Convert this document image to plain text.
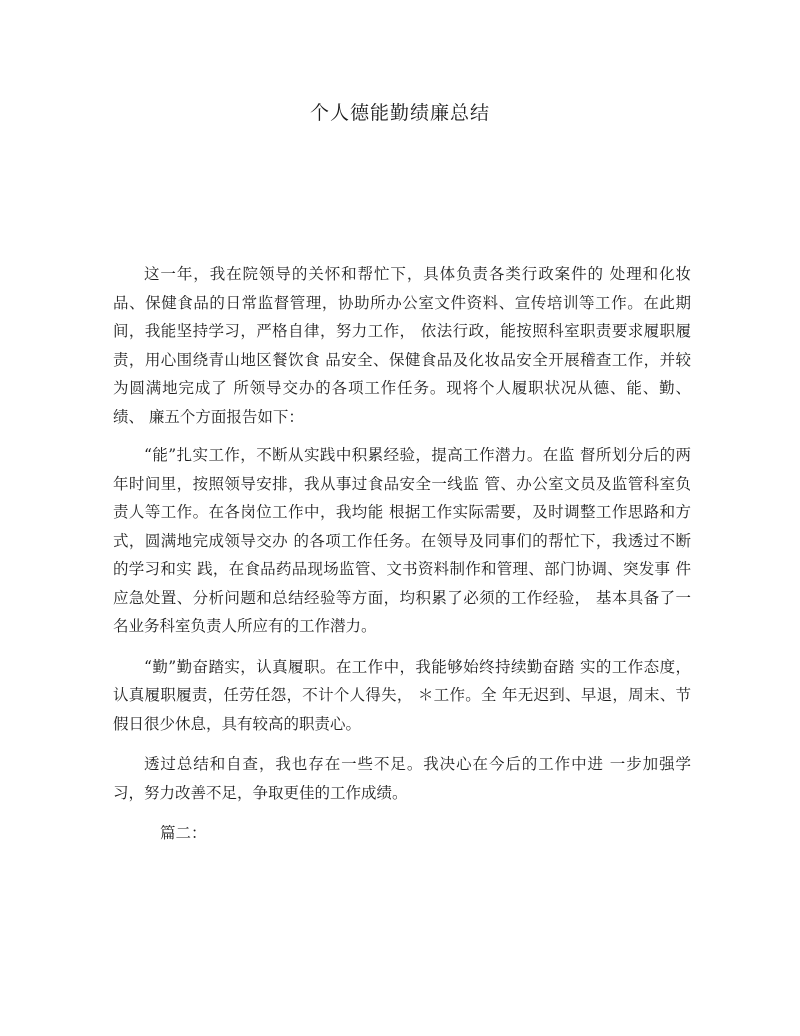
个人德能勤绩廉总结

这一年，我在院领导的关怀和帮忙下，具体负责各类行政案件的 处理和化妆品、保健食品的日常监督管理，协助所办公室文件资料、宣传培训等工作。在此期间，我能坚持学习，严格自律，努力工作， 依法行政，能按照科室职责要求履职履责，用心围绕青山地区餐饮食 品安全、保健食品及化妆品安全开展稽查工作，并较为圆满地完成了 所领导交办的各项工作任务。现将个人履职状况从德、能、勤、绩、 廉五个方面报告如下：

“能”扎实工作，不断从实践中积累经验，提高工作潜力。在监 督所划分后的两年时间里，按照领导安排，我从事过食品安全一线监 管、办公室文员及监管科室负责人等工作。在各岗位工作中，我均能 根据工作实际需要，及时调整工作思路和方式，圆满地完成领导交办 的各项工作任务。在领导及同事们的帮忙下，我透过不断的学习和实 践，在食品药品现场监管、文书资料制作和管理、部门协调、突发事 件应急处置、分析问题和总结经验等方面，均积累了必须的工作经验， 基本具备了一名业务科室负责人所应有的工作潜力。

“勤”勤奋踏实，认真履职。在工作中，我能够始终持续勤奋踏 实的工作态度，认真履职履责，任劳任怨，不计个人得失， ＊工作。全 年无迟到、早退，周末、节假日很少休息，具有较高的职责心。

透过总结和自查，我也存在一些不足。我决心在今后的工作中进 一步加强学习，努力改善不足，争取更佳的工作成绩。

篇二：
